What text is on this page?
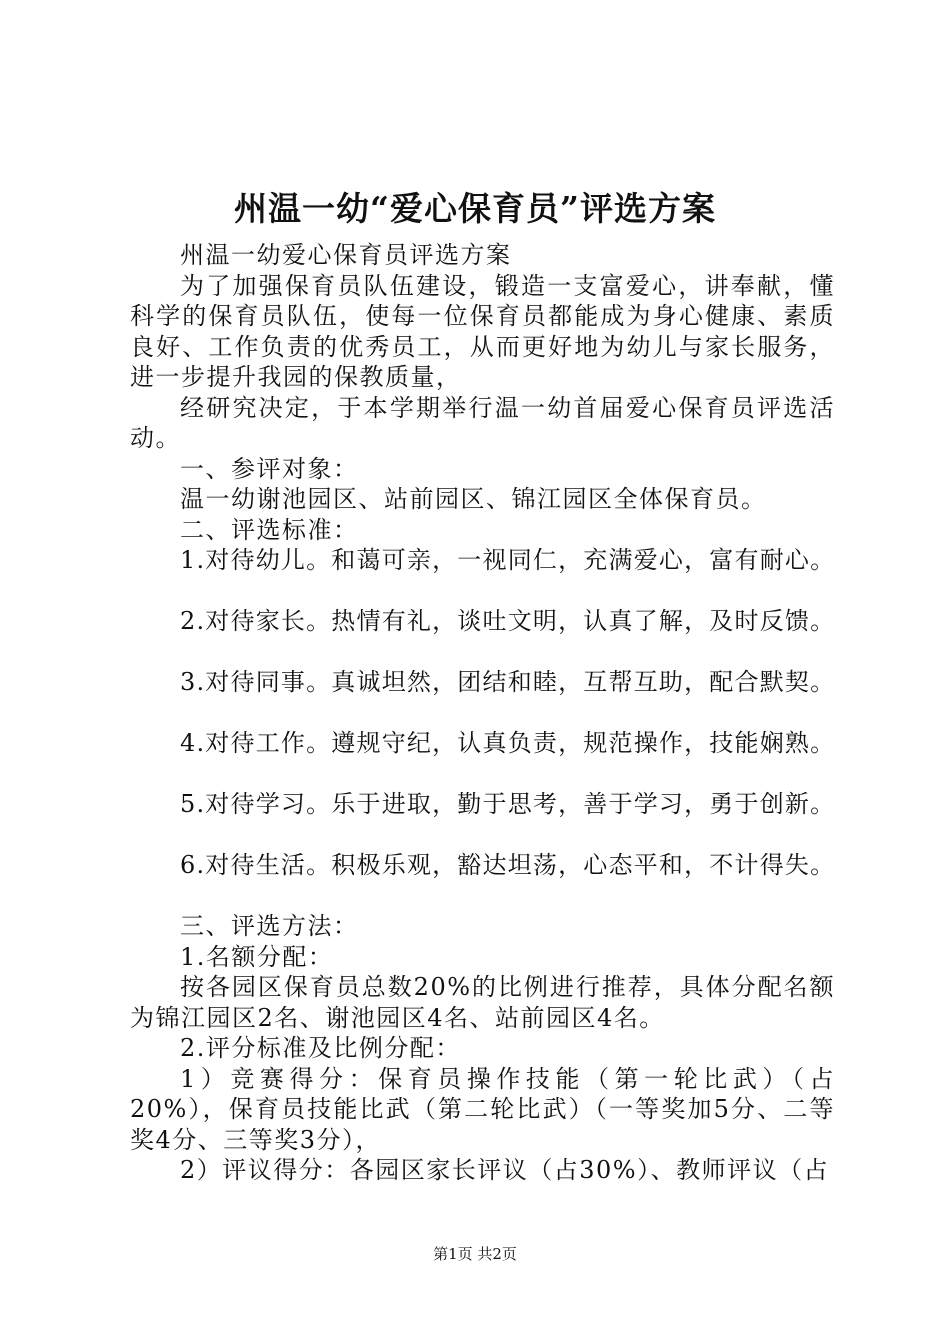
州温一幼“爱心保育员”评选方案

州温一幼爱心保育员评选方案

为了加强保育员队伍建设，锻造一支富爱心，讲奉献，懂科学的保育员队伍，使每一位保育员都能成为身心健康、素质良好、工作负责的优秀员工，从而更好地为幼儿与家长服务，进一步提升我园的保教质量，

经研究决定，于本学期举行温一幼首届爱心保育员评选活动。

一、参评对象：

温一幼谢池园区、站前园区、锦江园区全体保育员。

二、评选标准：

1.对待幼儿。和蔼可亲，一视同仁，充满爱心，富有耐心。

2.对待家长。热情有礼，谈吐文明，认真了解，及时反馈。

3.对待同事。真诚坦然，团结和睦，互帮互助，配合默契。

4.对待工作。遵规守纪，认真负责，规范操作，技能娴熟。

5.对待学习。乐于进取，勤于思考，善于学习，勇于创新。

6.对待生活。积极乐观，豁达坦荡，心态平和，不计得失。

三、评选方法：

1.名额分配：

按各园区保育员总数20%的比例进行推荐，具体分配名额为锦江园区2名、谢池园区4名、站前园区4名。

2.评分标准及比例分配：

1）竞赛得分：保育员操作技能（第一轮比武）（占20%），保育员技能比武（第二轮比武）（一等奖加5分、二等奖4分、三等奖3分），

2）评议得分：各园区家长评议（占30%）、教师评议（占

第1页 共2页
